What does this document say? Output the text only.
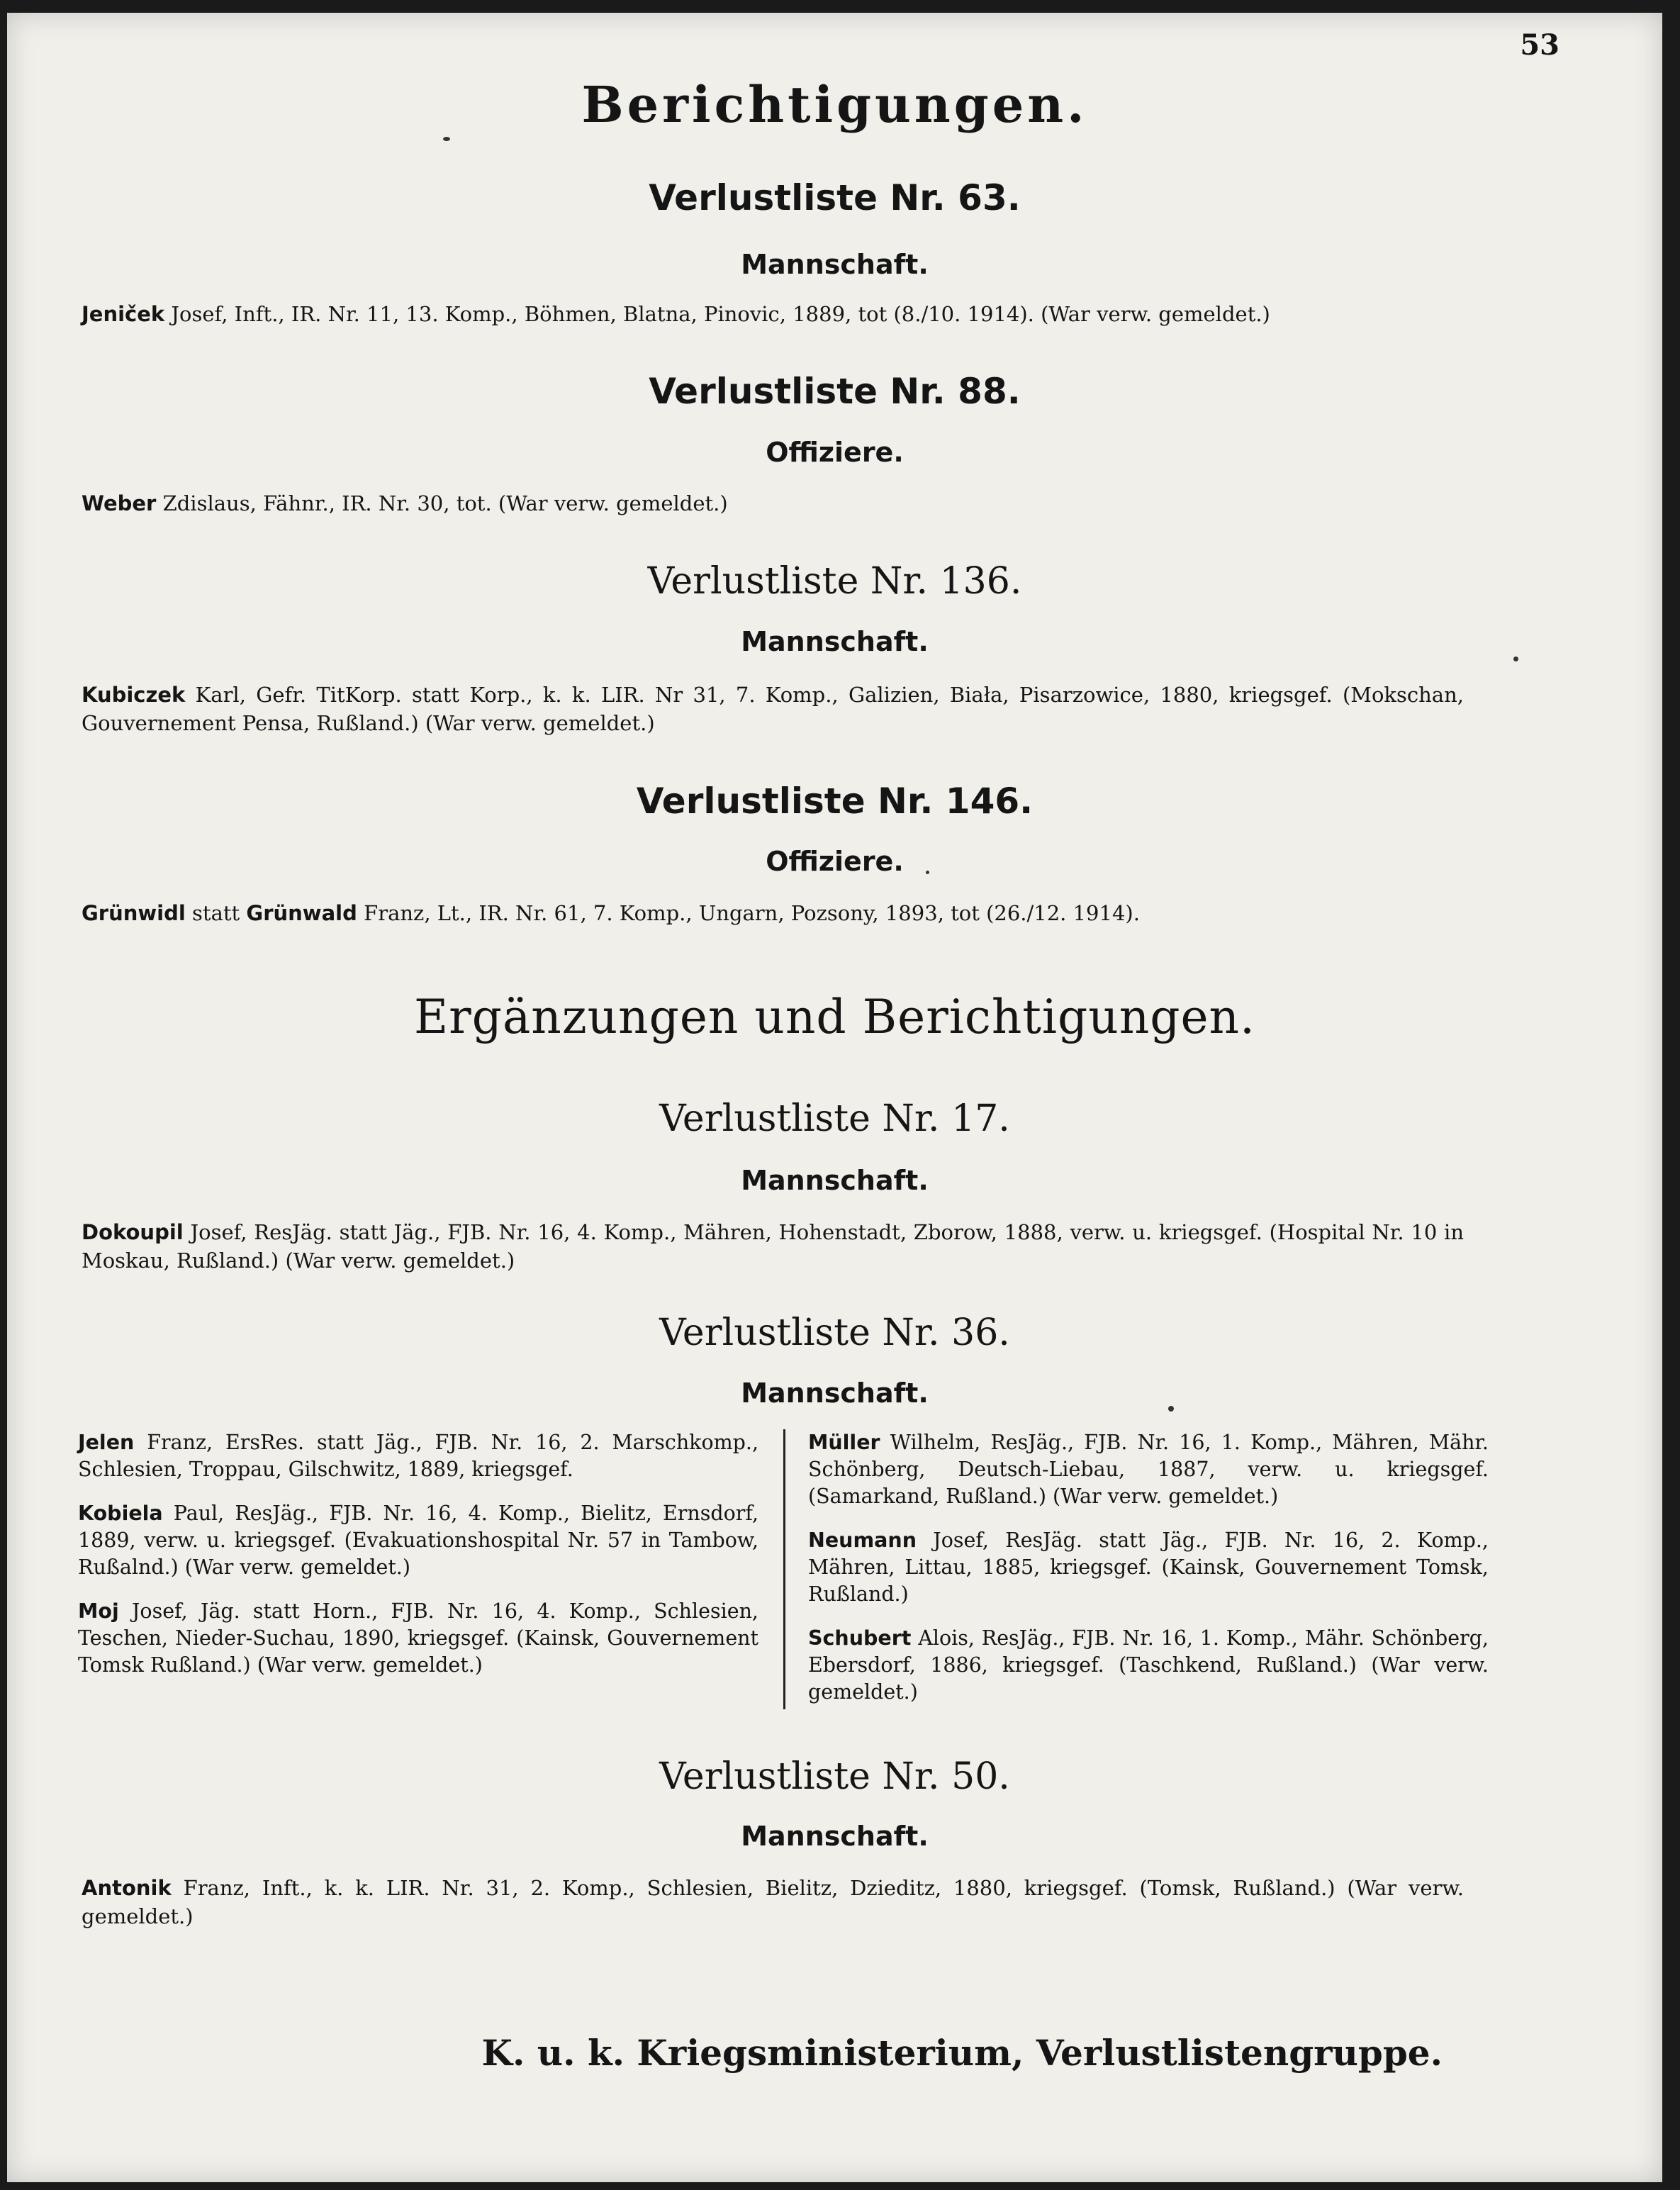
53
Berichtigungen.
Verlustliste Nr. 63.
Mannschaft.
Jeniček Josef, Inft., IR. Nr. 11, 13. Komp., Böhmen, Blatna, Pinovic, 1889, tot (8./10. 1914). (War verw. gemeldet.)
Verlustliste Nr. 88.
Offiziere.
Weber Zdislaus, Fähnr., IR. Nr. 30, tot. (War verw. gemeldet.)
Verlustliste Nr. 136.
Mannschaft.
Kubiczek Karl, Gefr. TitKorp. statt Korp., k. k. LIR. Nr 31, 7. Komp., Galizien, Biała, Pisarzowice, 1880, kriegsgef. (Mokschan, Gouvernement Pensa, Rußland.) (War verw. gemeldet.)
Verlustliste Nr. 146.
Offiziere.
Grünwidl statt Grünwald Franz, Lt., IR. Nr. 61, 7. Komp., Ungarn, Pozsony, 1893, tot (26./12. 1914).
Ergänzungen und Berichtigungen.
Verlustliste Nr. 17.
Mannschaft.
Dokoupil Josef, ResJäg. statt Jäg., FJB. Nr. 16, 4. Komp., Mähren, Hohenstadt, Zborow, 1888, verw. u. kriegsgef. (Hospital Nr. 10 in Moskau, Rußland.) (War verw. gemeldet.)
Verlustliste Nr. 36.
Mannschaft.
Jelen Franz, ErsRes. statt Jäg., FJB. Nr. 16, 2. Marschkomp., Schlesien, Troppau, Gilschwitz, 1889, kriegsgef.
Kobiela Paul, ResJäg., FJB. Nr. 16, 4. Komp., Bielitz, Ernsdorf, 1889, verw. u. kriegsgef. (Evakuationshospital Nr. 57 in Tambow, Rußalnd.) (War verw. gemeldet.)
Moj Josef, Jäg. statt Horn., FJB. Nr. 16, 4. Komp., Schlesien, Teschen, Nieder-Suchau, 1890, kriegsgef. (Kainsk, Gouvernement Tomsk Rußland.) (War verw. gemeldet.)
Müller Wilhelm, ResJäg., FJB. Nr. 16, 1. Komp., Mähren, Mähr. Schönberg, Deutsch-Liebau, 1887, verw. u. kriegsgef. (Samarkand, Rußland.) (War verw. gemeldet.)
Neumann Josef, ResJäg. statt Jäg., FJB. Nr. 16, 2. Komp., Mähren, Littau, 1885, kriegsgef. (Kainsk, Gouvernement Tomsk, Rußland.)
Schubert Alois, ResJäg., FJB. Nr. 16, 1. Komp., Mähr. Schönberg, Ebersdorf, 1886, kriegsgef. (Taschkend, Rußland.) (War verw. gemeldet.)
Verlustliste Nr. 50.
Mannschaft.
Antonik Franz, Inft., k. k. LIR. Nr. 31, 2. Komp., Schlesien, Bielitz, Dzieditz, 1880, kriegsgef. (Tomsk, Rußland.) (War verw. gemeldet.)
K. u. k. Kriegsministerium, Verlustlistengruppe.
